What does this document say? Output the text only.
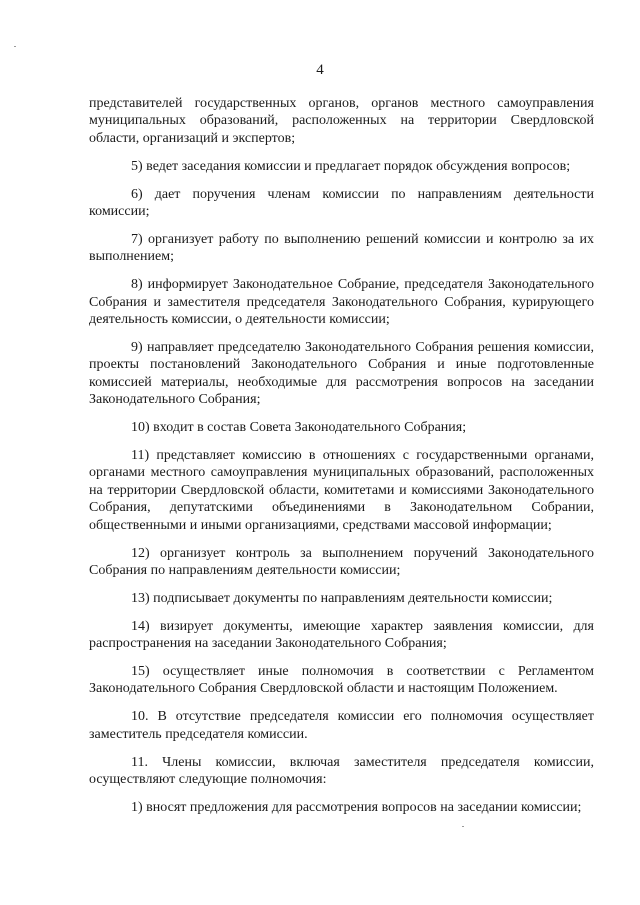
4

представителей государственных органов, органов местного самоуправления муниципальных образований, расположенных на территории Свердловской области, организаций и экспертов;

5) ведет заседания комиссии и предлагает порядок обсуждения вопросов;

6) дает поручения членам комиссии по направлениям деятельности комиссии;

7) организует работу по выполнению решений комиссии и контролю за их выполнением;

8) информирует Законодательное Собрание, председателя Законодательного Собрания и заместителя председателя Законодательного Собрания, курирующего деятельность комиссии, о деятельности комиссии;

9) направляет председателю Законодательного Собрания решения комиссии, проекты постановлений Законодательного Собрания и иные подготовленные комиссией материалы, необходимые для рассмотрения вопросов на заседании Законодательного Собрания;

10) входит в состав Совета Законодательного Собрания;

11) представляет комиссию в отношениях с государственными органами, органами местного самоуправления муниципальных образований, расположенных на территории Свердловской области, комитетами и комиссиями Законодательного Собрания, депутатскими объединениями в Законодательном Собрании, общественными и иными организациями, средствами массовой информации;

12) организует контроль за выполнением поручений Законодательного Собрания по направлениям деятельности комиссии;

13) подписывает документы по направлениям деятельности комиссии;

14) визирует документы, имеющие характер заявления комиссии, для распространения на заседании Законодательного Собрания;

15) осуществляет иные полномочия в соответствии с Регламентом Законодательного Собрания Свердловской области и настоящим Положением.

10. В отсутствие председателя комиссии его полномочия осуществляет заместитель председателя комиссии.

11. Члены комиссии, включая заместителя председателя комиссии, осуществляют следующие полномочия:

1) вносят предложения для рассмотрения вопросов на заседании комиссии;
